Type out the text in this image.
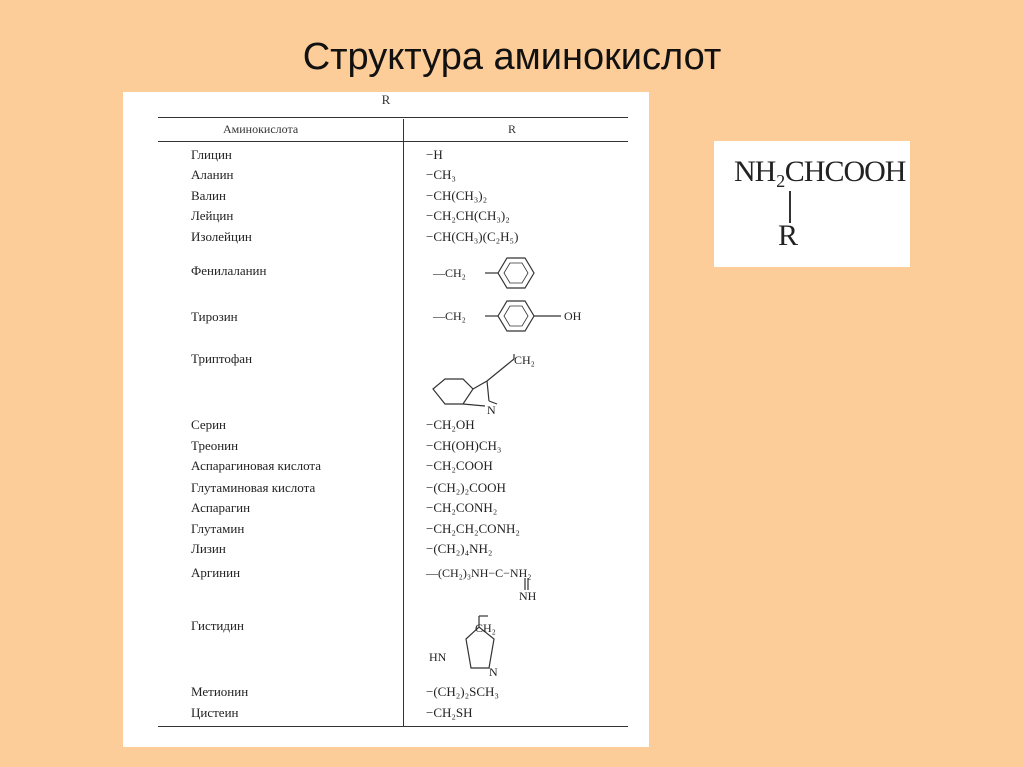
Структура аминокислот
R
Аминокислота	R
Глицин
Аланин
Валин
Лейцин
Изолейцин
Фенилаланин
Тирозин
Триптофан
Серин
Треонин
Аспарагиновая кислота
Глутаминовая кислота
Аспарагин
Глутамин
Лизин
Аргинин
Гистидин
Метионин
Цистеин
−H
−CH₃
−CH(CH₃)₂
−CH₂CH(CH₃)₂
−CH(CH₃)(C₂H₅)
−CH₂OH
−CH(OH)CH₃
−CH₂COOH
−(CH₂)₂COOH
−CH₂CONH₂
−CH₂CH₂CONH₂
−(CH₂)₄NH₂
−(CH₂)₂SCH₃
−CH₂SH
—CH₂
—CH₂	OH
CH₂
N
—(CH₂)₃NH−C−NH₂
NH
CH₂
HN
N
NH₂CHCOOH
R
